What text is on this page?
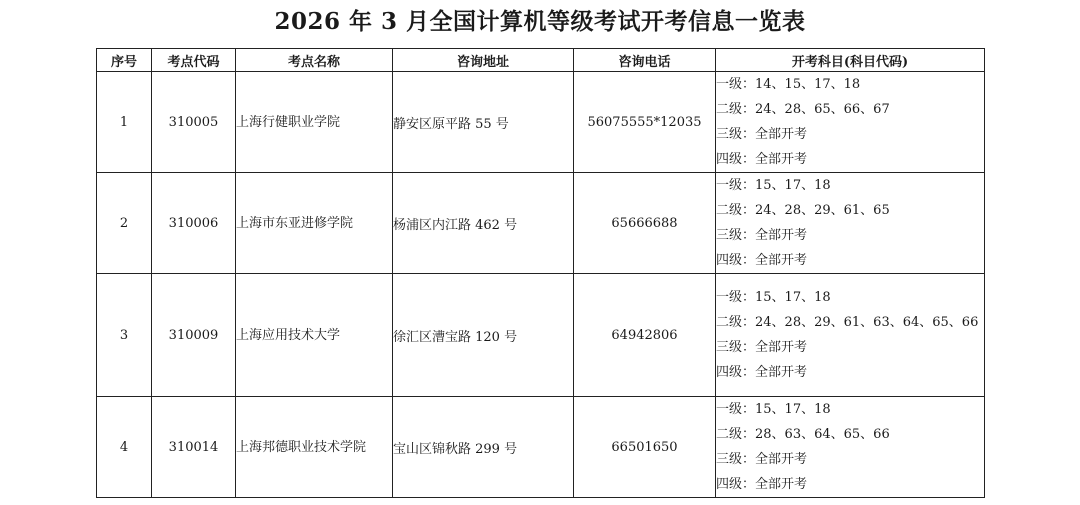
2026 年 3 月全国计算机等级考试开考信息一览表
序号	考点代码	考点名称	咨询地址	咨询电话	开考科目(科目代码)
1	310005	上海行健职业学院	静安区原平路 55 号	56075555*12035	一级：14、15、17、18
二级：24、28、65、66、67
三级：全部开考
四级：全部开考

2	310006	上海市东亚进修学院	杨浦区内江路 462 号	65666688	一级：15、17、18
二级：24、28、29、61、65
三级：全部开考
四级：全部开考

3	310009	上海应用技术大学	徐汇区漕宝路 120 号	64942806	一级：15、17、18
二级：24、28、29、61、63、64、65、66
三级：全部开考
四级：全部开考

4	310014	上海邦德职业技术学院	宝山区锦秋路 299 号	66501650	一级：15、17、18
二级：28、63、64、65、66
三级：全部开考
四级：全部开考
